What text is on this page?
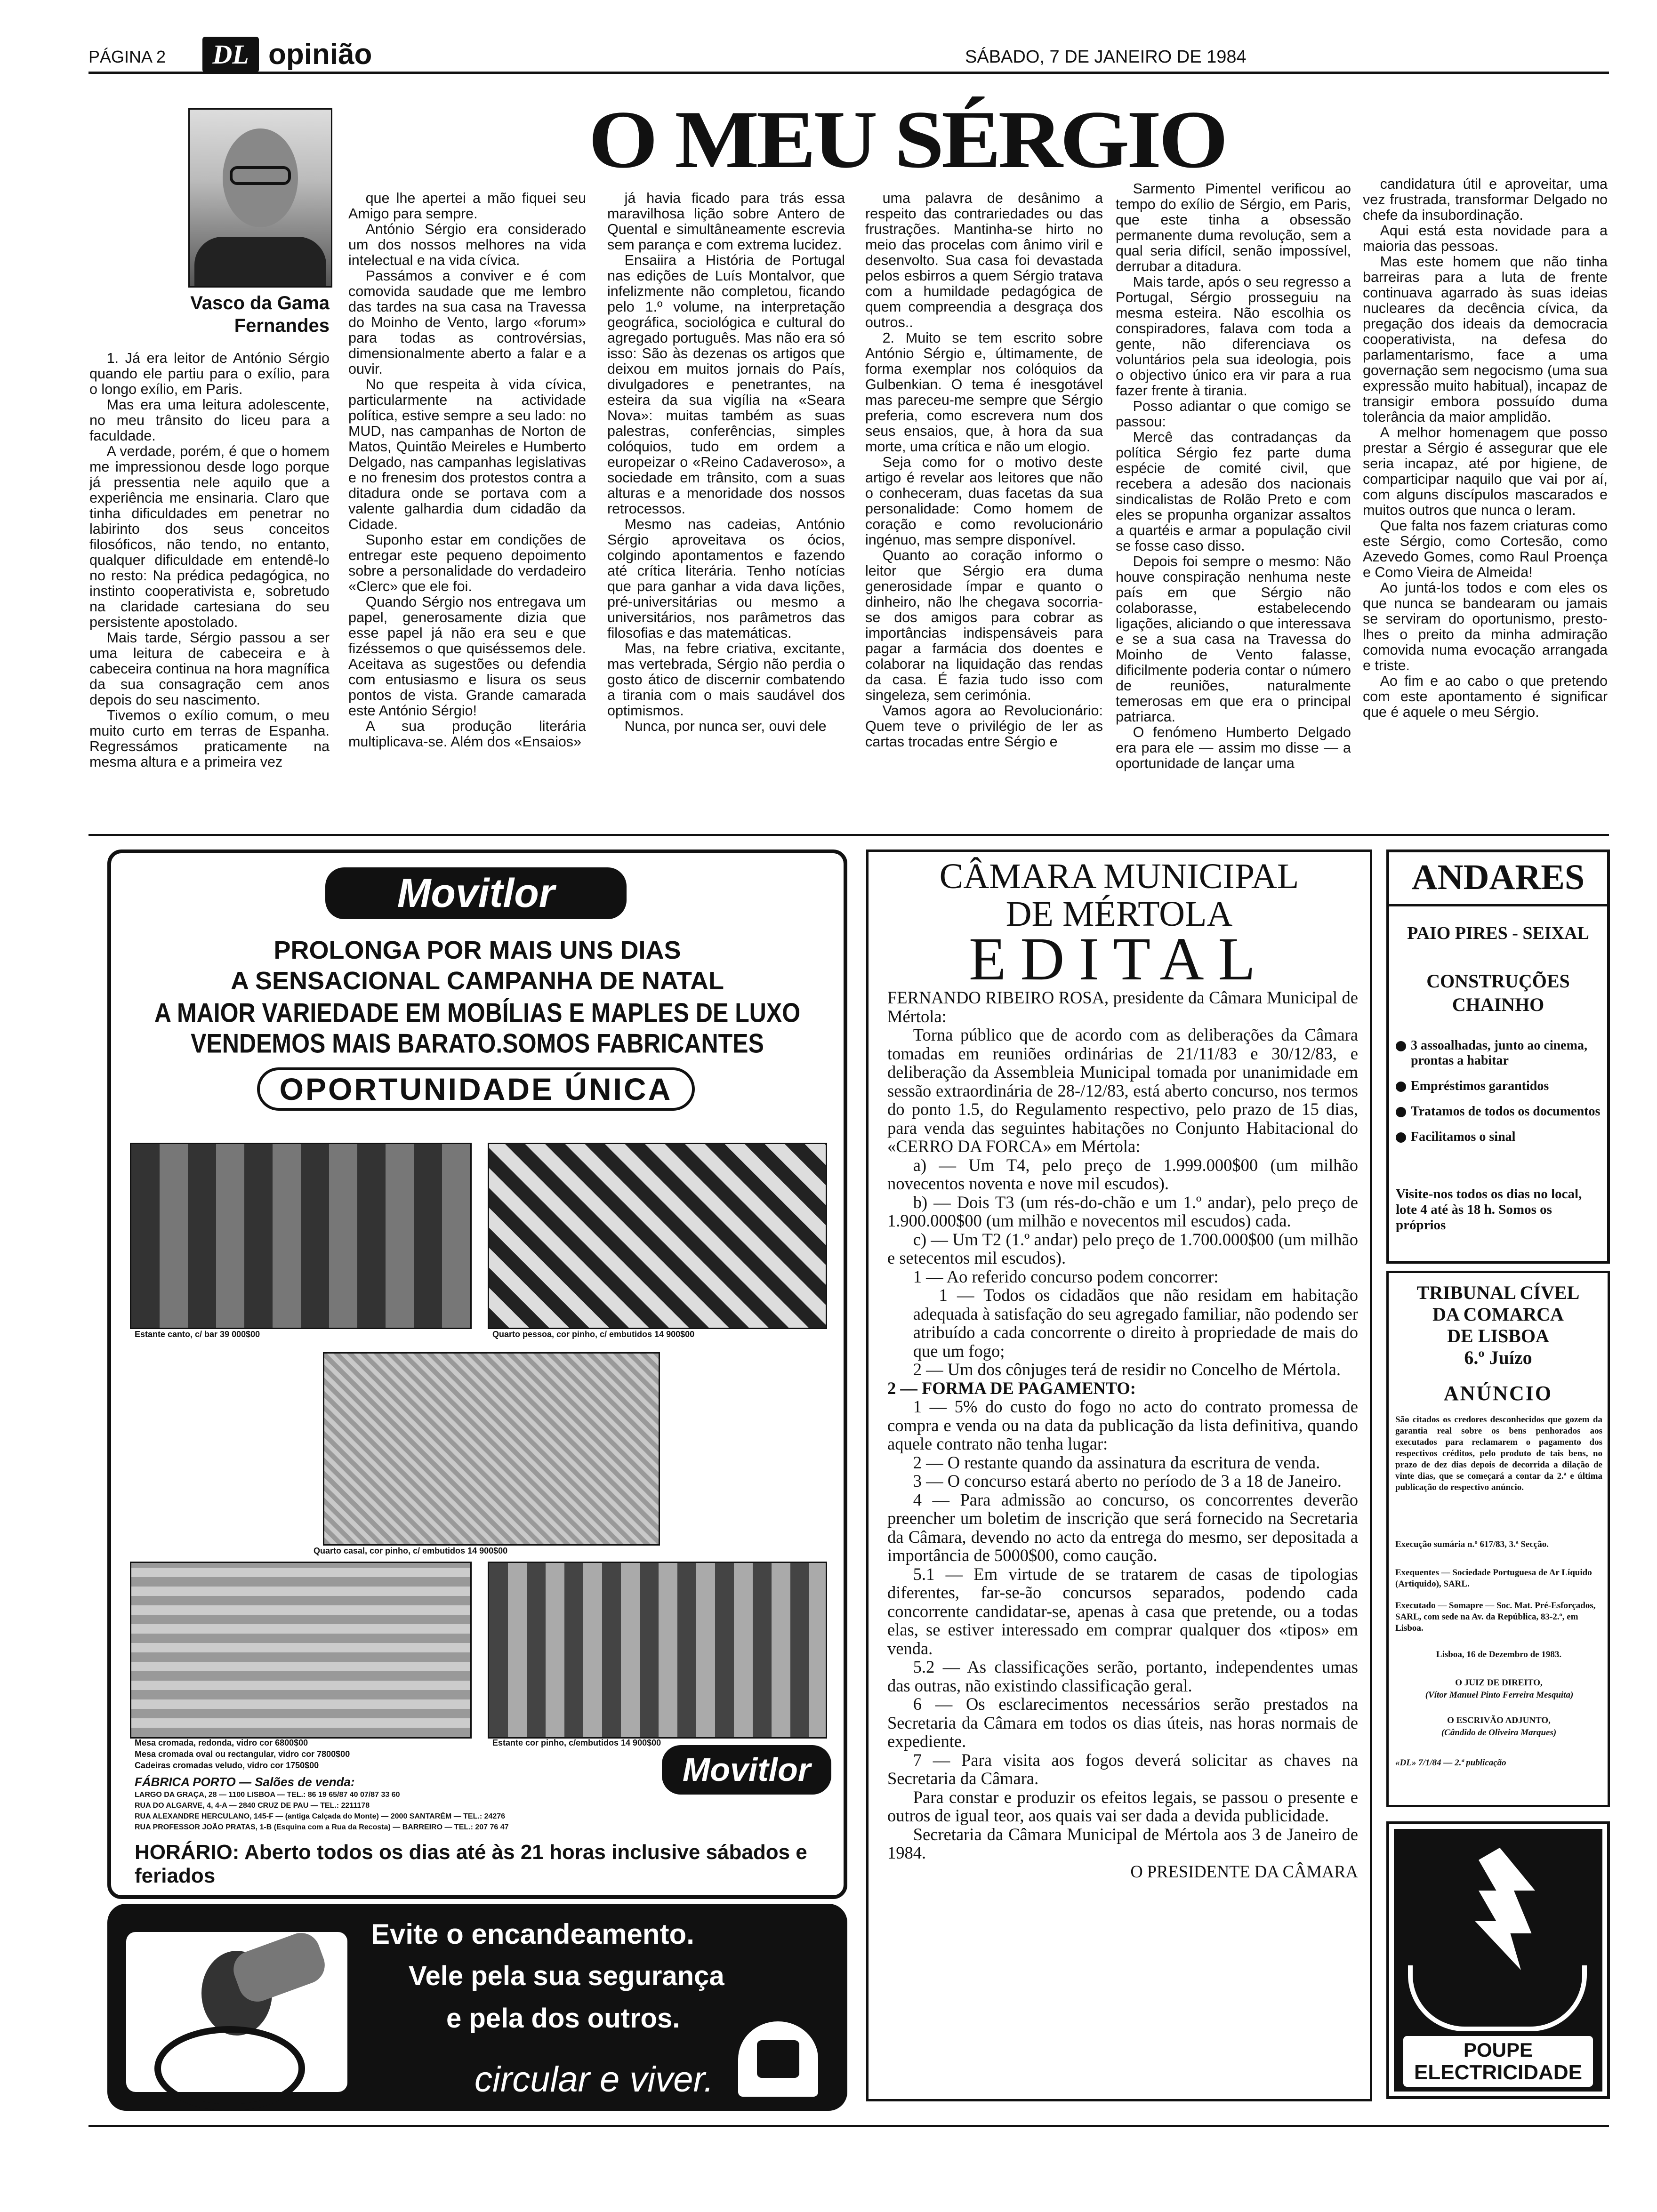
PÁGINA 2	DL opinião	SÁBADO, 7 DE JANEIRO DE 1984
O MEU SÉRGIO
Vasco da Gama Fernandes

1. Já era leitor de António Sérgio quando ele partiu para o exílio, para o longo exílio, em Paris.

Mas era uma leitura adolescente, no meu trânsito do liceu para a faculdade.

A verdade, porém, é que o homem me impressionou desde logo porque já pressentia nele aquilo que a experiência me ensinaria. Claro que tinha dificuldades em penetrar no labirinto dos seus conceitos filosóficos, não tendo, no entanto, qualquer dificuldade em entendê-lo no resto: Na prédica pedagógica, no instinto cooperativista e, sobretudo na claridade cartesiana do seu persistente apostolado.

Mais tarde, Sérgio passou a ser uma leitura de cabeceira e à cabeceira continua na hora magnífica da sua consagração cem anos depois do seu nascimento.

Tivemos o exílio comum, o meu muito curto em terras de Espanha. Regressámos praticamente na mesma altura e a primeira vez

que lhe apertei a mão fiquei seu Amigo para sempre.

António Sérgio era considerado um dos nossos melhores na vida intelectual e na vida cívica.

Passámos a conviver e é com comovida saudade que me lembro das tardes na sua casa na Travessa do Moinho de Vento, largo «forum» para todas as controvérsias, dimensionalmente aberto a falar e a ouvir.

No que respeita à vida cívica, particularmente na actividade política, estive sempre a seu lado: no MUD, nas campanhas de Norton de Matos, Quintão Meireles e Humberto Delgado, nas campanhas legislativas e no frenesim dos protestos contra a ditadura onde se portava com a valente galhardia dum cidadão da Cidade.

Suponho estar em condições de entregar este pequeno depoimento sobre a personalidade do verdadeiro «Clerc» que ele foi.

Quando Sérgio nos entregava um papel, generosamente dizia que esse papel já não era seu e que fizéssemos o que quiséssemos dele. Aceitava as sugestões ou defendia com entusiasmo e lisura os seus pontos de vista. Grande camarada este António Sérgio!

A sua produção literária multiplicava-se. Além dos «Ensaios»

já havia ficado para trás essa maravilhosa lição sobre Antero de Quental e simultâneamente escrevia sem parança e com extrema lucidez.

Ensaiira a História de Portugal nas edições de Luís Montalvor, que infelizmente não completou, ficando pelo 1.º volume, na interpretação geográfica, sociológica e cultural do agregado português. Mas não era só isso: São às dezenas os artigos que deixou em muitos jornais do País, divulgadores e penetrantes, na esteira da sua vigília na «Seara Nova»: muitas também as suas palestras, conferências, simples colóquios, tudo em ordem a europeizar o «Reino Cadaveroso», a sociedade em trânsito, com a suas alturas e a menoridade dos nossos retrocessos.

Mesmo nas cadeias, António Sérgio aproveitava os ócios, colgindo apontamentos e fazendo até crítica literária. Tenho notícias que para ganhar a vida dava lições, pré-universitárias ou mesmo a universitários, nos parâmetros das filosofias e das matemáticas.

Mas, na febre criativa, excitante, mas vertebrada, Sérgio não perdia o gosto ático de discernir combatendo a tirania com o mais saudável dos optimismos.

Nunca, por nunca ser, ouvi dele

uma palavra de desânimo a respeito das contrariedades ou das frustrações. Mantinha-se hirto no meio das procelas com ânimo viril e desenvolto. Sua casa foi devastada pelos esbirros a quem Sérgio tratava com a humildade pedagógica de quem compreendia a desgraça dos outros..

2. Muito se tem escrito sobre António Sérgio e, últimamente, de forma exemplar nos colóquios da Gulbenkian. O tema é inesgotável mas pareceu-me sempre que Sérgio preferia, como escrevera num dos seus ensaios, que, à hora da sua morte, uma crítica e não um elogio.

Seja como for o motivo deste artigo é revelar aos leitores que não o conheceram, duas facetas da sua personalidade: Como homem de coração e como revolucionário ingénuo, mas sempre disponível.

Quanto ao coração informo o leitor que Sérgio era duma generosidade ímpar e quanto o dinheiro, não lhe chegava socorria-se dos amigos para cobrar as importâncias indispensáveis para pagar a farmácia dos doentes e colaborar na liquidação das rendas da casa. É fazia tudo isso com singeleza, sem cerimónia.

Vamos agora ao Revolucionário: Quem teve o privilégio de ler as cartas trocadas entre Sérgio e

Sarmento Pimentel verificou ao tempo do exílio de Sérgio, em Paris, que este tinha a obsessão permanente duma revolução, sem a qual seria difícil, senão impossível, derrubar a ditadura.

Mais tarde, após o seu regresso a Portugal, Sérgio prosseguiu na mesma esteira. Não escolhia os conspiradores, falava com toda a gente, não diferenciava os voluntários pela sua ideologia, pois o objectivo único era vir para a rua fazer frente à tirania.

Posso adiantar o que comigo se passou:

Mercê das contradanças da política Sérgio fez parte duma espécie de comité civil, que recebera a adesão dos nacionais sindicalistas de Rolão Preto e com eles se propunha organizar assaltos a quartéis e armar a população civil se fosse caso disso.

Depois foi sempre o mesmo: Não houve conspiração nenhuma neste país em que Sérgio não colaborasse, estabelecendo ligações, aliciando o que interessava e se a sua casa na Travessa do Moinho de Vento falasse, dificilmente poderia contar o número de reuniões, naturalmente temerosas em que era o principal patriarca.

O fenómeno Humberto Delgado era para ele — assim mo disse — a oportunidade de lançar uma

candidatura útil e aproveitar, uma vez frustrada, transformar Delgado no chefe da insubordinação.

Aqui está esta novidade para a maioria das pessoas.

Mas este homem que não tinha barreiras para a luta de frente continuava agarrado às suas ideias nucleares da decência cívica, da pregação dos ideais da democracia cooperativista, na defesa do parlamentarismo, face a uma governação sem negocismo (uma sua expressão muito habitual), incapaz de transigir embora possuído duma tolerância da maior amplidão.

A melhor homenagem que posso prestar a Sérgio é assegurar que ele seria incapaz, até por higiene, de comparticipar naquilo que vai por aí, com alguns discípulos mascarados e muitos outros que nunca o leram.

Que falta nos fazem criaturas como este Sérgio, como Cortesão, como Azevedo Gomes, como Raul Proença e Como Vieira de Almeida!

Ao juntá-los todos e com eles os que nunca se bandearam ou jamais se serviram do oportunismo, presto-lhes o preito da minha admiração comovida numa evocação arrangada e triste.

Ao fim e ao cabo o que pretendo com este apontamento é significar que é aquele o meu Sérgio.

Movitlor
PROLONGA POR MAIS UNS DIAS
A SENSACIONAL CAMPANHA DE NATAL
A MAIOR VARIEDADE EM MOBÍLIAS E MAPLES DE LUXO
VENDEMOS MAIS BARATO.SOMOS FABRICANTES
OPORTUNIDADE ÚNICA
Estante canto, c/ bar 39 000$00	Quarto pessoa, cor pinho, c/ embutidos 14 900$00
Quarto casal, cor pinho, c/ embutidos 14 900$00
Mesa cromada, redonda, vidro cor 6800$00
Mesa cromada oval ou rectangular, vidro cor 7800$00
Cadeiras cromadas veludo, vidro cor 1750$00
Estante cor pinho, c/embutidos 14 900$00
Movitlor
FÁBRICA PORTO — Salões de venda:
LARGO DA GRAÇA, 28 — 1100 LISBOA — TEL.: 86 19 65/87 40 07/87 33 60
RUA DO ALGARVE, 4, 4-A — 2840 CRUZ DE PAU — TEL.: 2211178
RUA ALEXANDRE HERCULANO, 145-F — (antiga Calçada do Monte) — 2000 SANTARÉM — TEL.: 24276
RUA PROFESSOR JOÃO PRATAS, 1-B (Esquina com a Rua da Recosta) — BARREIRO — TEL.: 207 76 47
HORÁRIO: Aberto todos os dias até às 21 horas inclusive sábados e feriados
Evite o encandeamento.
Vele pela sua segurança
e pela dos outros.
circular e viver.
CÂMARA MUNICIPAL
DE MÉRTOLA
EDITAL

FERNANDO RIBEIRO ROSA, presidente da Câmara Municipal de Mértola:

Torna público que de acordo com as deliberações da Câmara tomadas em reuniões ordinárias de 21/11/83 e 30/12/83, e deliberação da Assembleia Municipal tomada por unanimidade em sessão extraordinária de 28-/12/83, está aberto concurso, nos termos do ponto 1.5, do Regulamento respectivo, pelo prazo de 15 dias, para venda das seguintes habitações no Conjunto Habitacional do «CERRO DA FORCA» em Mértola:

a) — Um T4, pelo preço de 1.999.000$00 (um milhão novecentos noventa e nove mil escudos).

b) — Dois T3 (um rés-do-chão e um 1.º andar), pelo preço de 1.900.000$00 (um milhão e novecentos mil escudos) cada.

c) — Um T2 (1.º andar) pelo preço de 1.700.000$00 (um milhão e setecentos mil escudos).

1 — Ao referido concurso podem concorrer:

1 — Todos os cidadãos que não residam em habitação adequada à satisfação do seu agregado familiar, não podendo ser atribuído a cada concorrente o direito à propriedade de mais do que um fogo;

2 — Um dos cônjuges terá de residir no Concelho de Mértola.

2 — FORMA DE PAGAMENTO:

1 — 5% do custo do fogo no acto do contrato promessa de compra e venda ou na data da publicação da lista definitiva, quando aquele contrato não tenha lugar:

2 — O restante quando da assinatura da escritura de venda.

3 — O concurso estará aberto no período de 3 a 18 de Janeiro.

4 — Para admissão ao concurso, os concorrentes deverão preencher um boletim de inscrição que será fornecido na Secretaria da Câmara, devendo no acto da entrega do mesmo, ser depositada a importância de 5000$00, como caução.

5.1 — Em virtude de se tratarem de casas de tipologias diferentes, far-se-ão concursos separados, podendo cada concorrente candidatar-se, apenas à casa que pretende, ou a todas elas, se estiver interessado em comprar qualquer dos «tipos» em venda.

5.2 — As classificações serão, portanto, independentes umas das outras, não existindo classificação geral.

6 — Os esclarecimentos necessários serão prestados na Secretaria da Câmara em todos os dias úteis, nas horas normais de expediente.

7 — Para visita aos fogos deverá solicitar as chaves na Secretaria da Câmara.

Para constar e produzir os efeitos legais, se passou o presente e outros de igual teor, aos quais vai ser dada a devida publicidade.

Secretaria da Câmara Municipal de Mértola aos 3 de Janeiro de 1984.

O PRESIDENTE DA CÂMARA

ANDARES
PAIO PIRES - SEIXAL
CONSTRUÇÕES
CHAINHO
3 assoalhadas, junto ao cinema, prontas a habitar
Empréstimos garantidos
Tratamos de todos os documentos
Facilitamos o sinal
Visite-nos todos os dias no local, lote 4 até às 18 h. Somos os próprios
TRIBUNAL CÍVEL
DA COMARCA
DE LISBOA
6.º Juízo
ANÚNCIO
São citados os credores desconhecidos que gozem da garantia real sobre os bens penhorados aos executados para reclamarem o pagamento dos respectivos créditos, pelo produto de tais bens, no prazo de dez dias depois de decorrida a dilação de vinte dias, que se começará a contar da 2.ª e última publicação do respectivo anúncio.
Execução sumária n.º 617/83, 3.ª Secção.
Exequentes — Sociedade Portuguesa de Ar Líquido (Artiquido), SARL.
Executado — Somapre — Soc. Mat. Pré-Esforçados, SARL, com sede na Av. da República, 83-2.º, em Lisboa.
Lisboa, 16 de Dezembro de 1983.
O JUIZ DE DIREITO,
(Vítor Manuel Pinto Ferreira Mesquita)
O ESCRIVÃO ADJUNTO,
(Cândido de Oliveira Marques)
«DL» 7/1/84 — 2.ª publicação
POUPE
ELECTRICIDADE
